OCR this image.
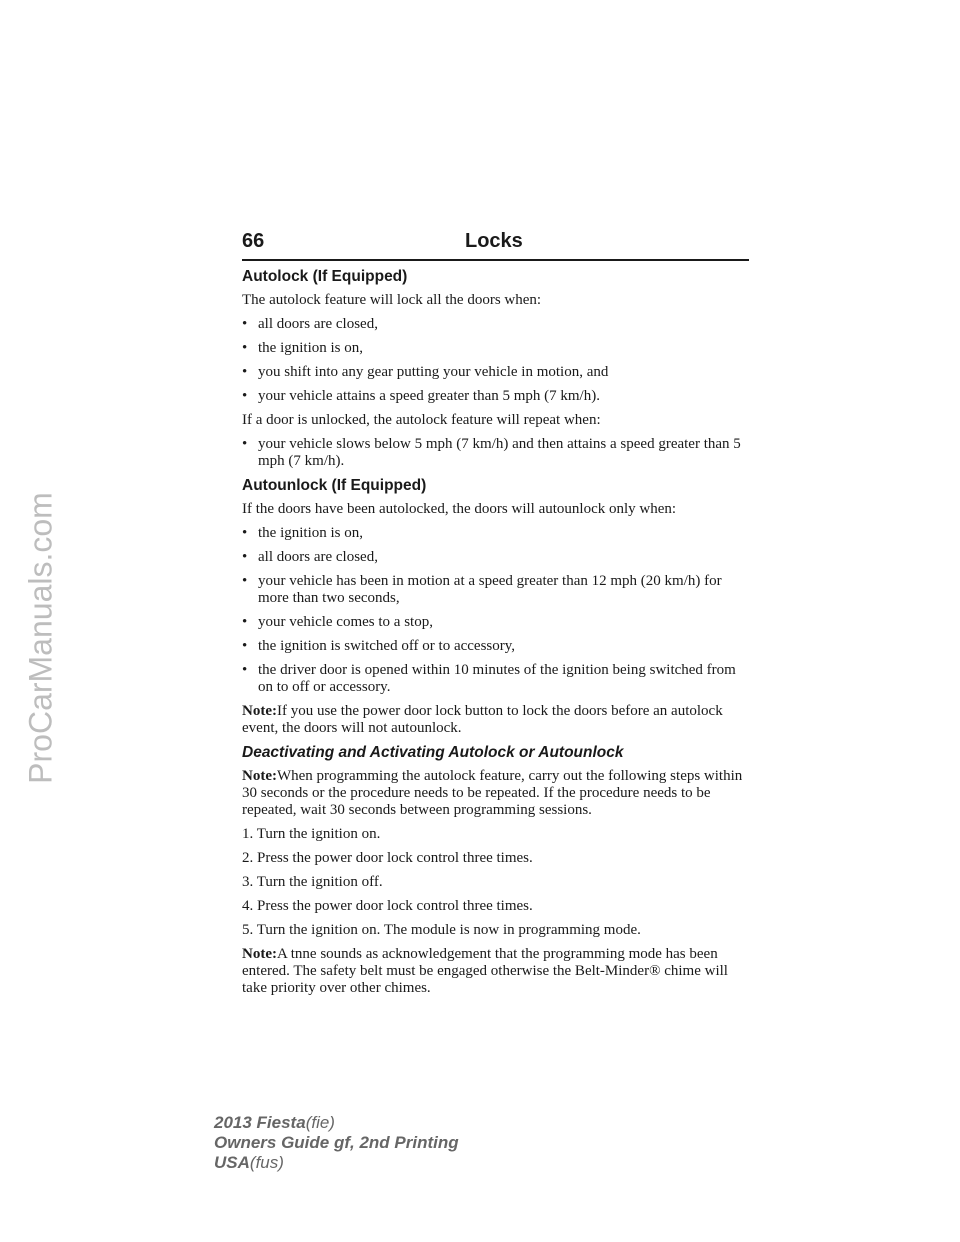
ProCarManuals.com
66	Locks
Autolock (If Equipped)

The autolock feature will lock all the doors when:

• all doors are closed,
• the ignition is on,
• you shift into any gear putting your vehicle in motion, and
• your vehicle attains a speed greater than 5 mph (7 km/h).

If a door is unlocked, the autolock feature will repeat when:

• your vehicle slows below 5 mph (7 km/h) and then attains a speed greater than 5 mph (7 km/h).
Autounlock (If Equipped)

If the doors have been autolocked, the doors will autounlock only when:

• the ignition is on,
• all doors are closed,
• your vehicle has been in motion at a speed greater than 12 mph (20 km/h) for more than two seconds,
• your vehicle comes to a stop,
• the ignition is switched off or to accessory,
• the driver door is opened within 10 minutes of the ignition being switched from on to off or accessory.

Note:If you use the power door lock button to lock the doors before an autolock event, the doors will not autounlock.

Deactivating and Activating Autolock or Autounlock

Note:When programming the autolock feature, carry out the following steps within 30 seconds or the procedure needs to be repeated. If the procedure needs to be repeated, wait 30 seconds between programming sessions.

1. Turn the ignition on.

2. Press the power door lock control three times.

3. Turn the ignition off.

4. Press the power door lock control three times.

5. Turn the ignition on. The module is now in programming mode.

Note:A tnne sounds as acknowledgement that the programming mode has been entered. The safety belt must be engaged otherwise the Belt-Minder® chime will take priority over other chimes.

2013 Fiesta(fie)
Owners Guide gf, 2nd Printing
USA(fus)
